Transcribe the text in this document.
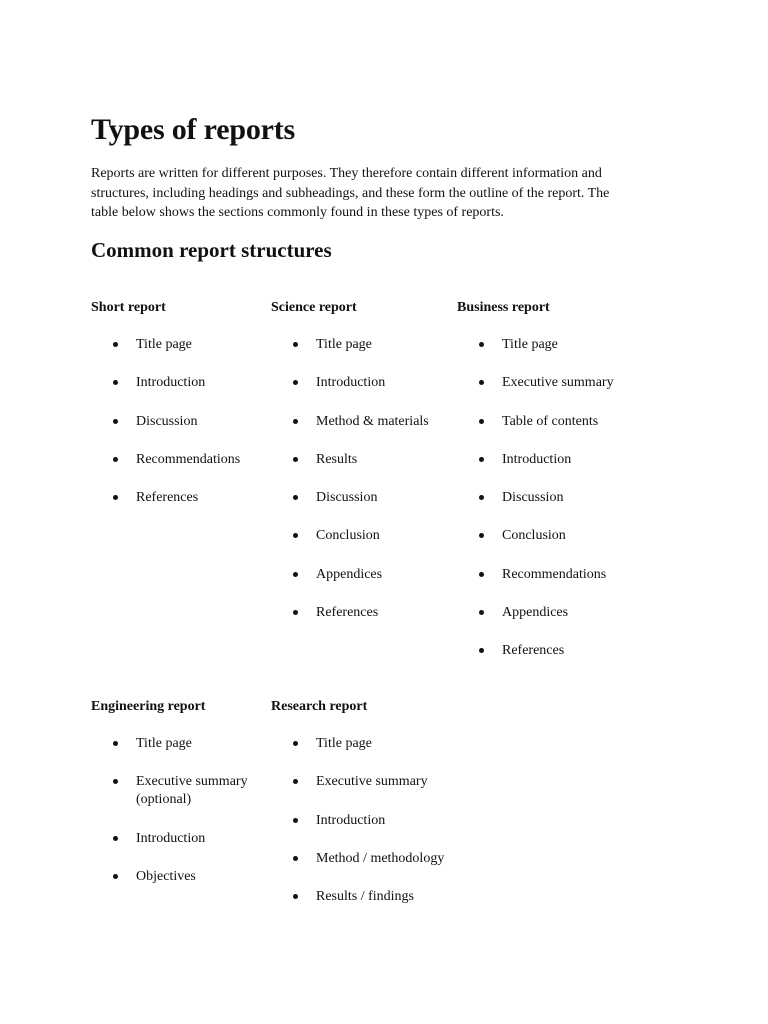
Types of reports

Reports are written for different purposes. They therefore contain different information and
structures, including headings and subheadings, and these form the outline of the report. The
table below shows the sections commonly found in these types of reports.

Common report structures
Short report
Title page
Introduction
Discussion
Recommendations
References
Science report
Title page
Introduction
Method & materials
Results
Discussion
Conclusion
Appendices
References
Business report
Title page
Executive summary
Table of contents
Introduction
Discussion
Conclusion
Recommendations
Appendices
References
Engineering report
Title page
Executive summary (optional)
Introduction
Objectives
Research report
Title page
Executive summary
Introduction
Method / methodology
Results / findings
